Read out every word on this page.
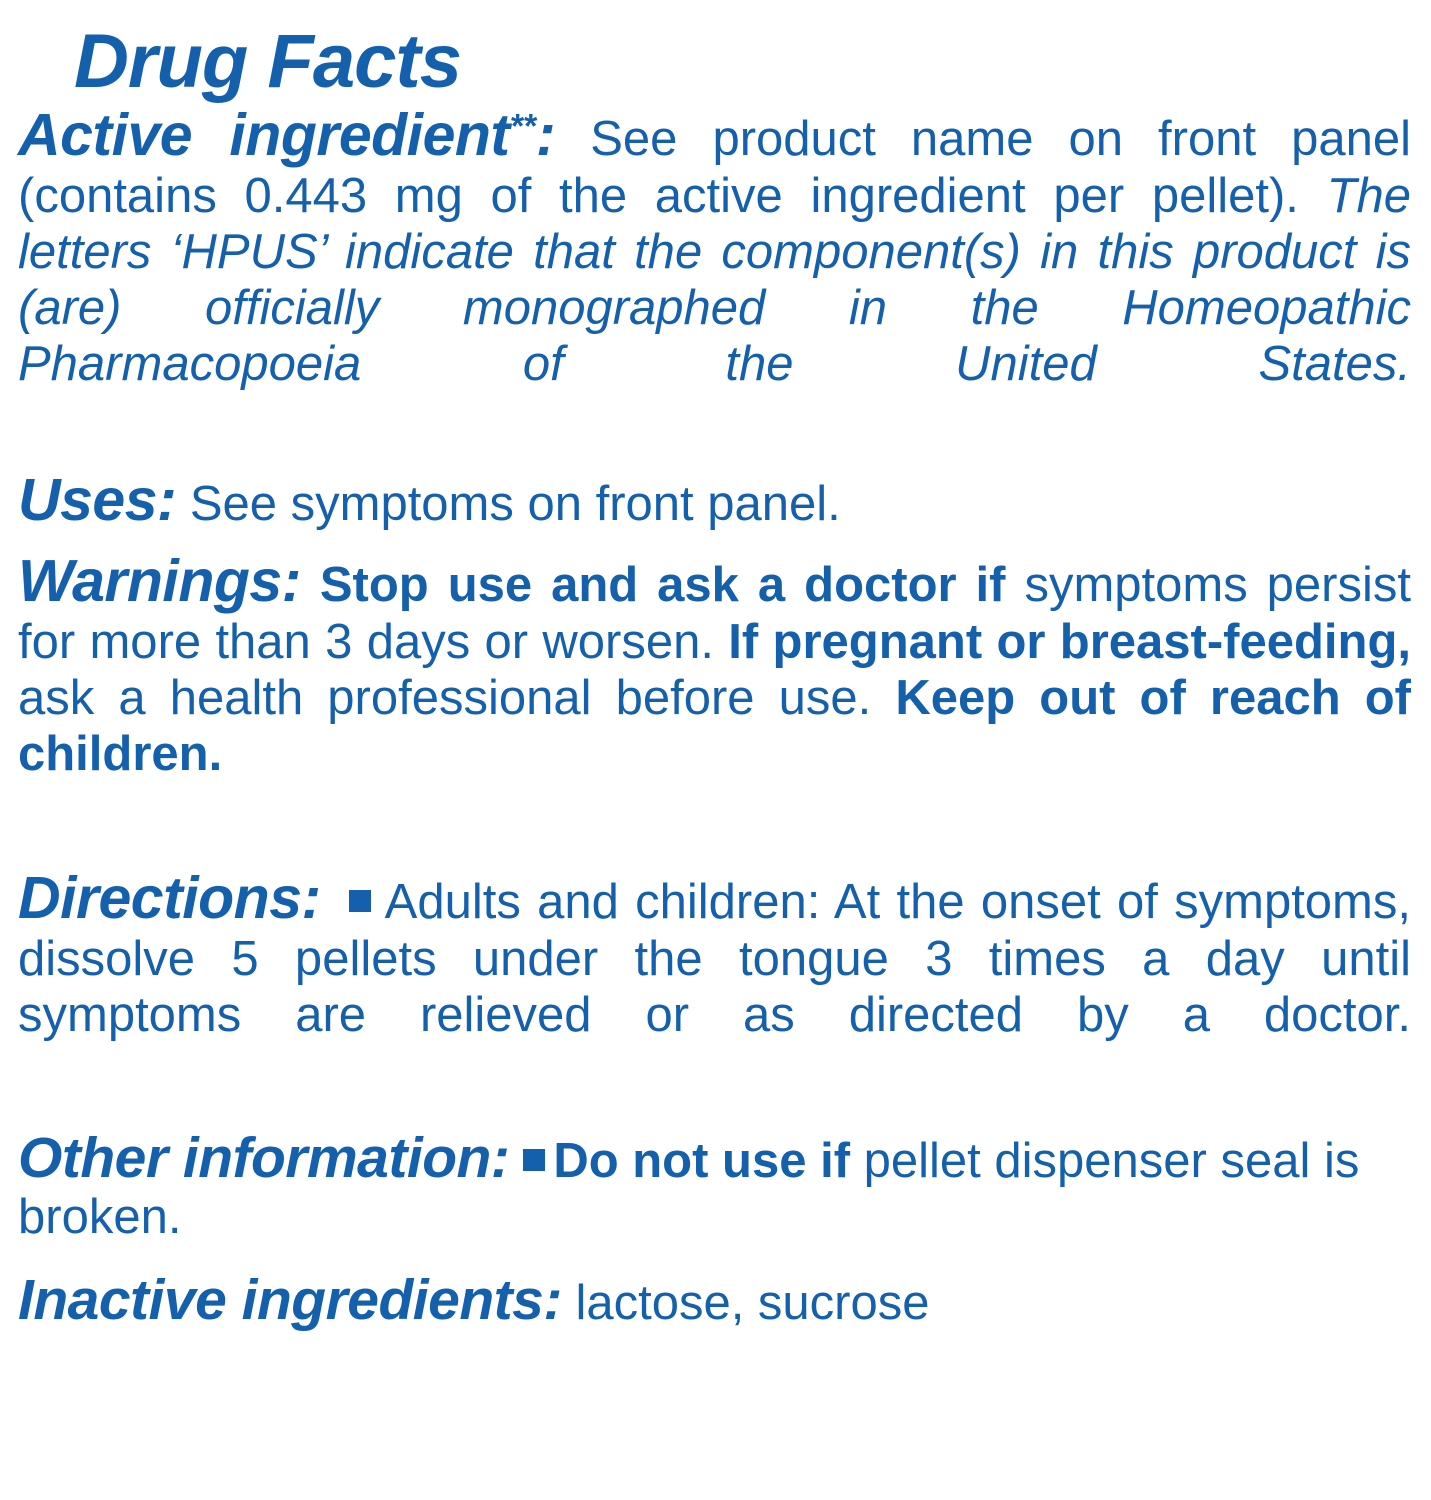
Drug Facts
Active ingredient**: See product name on front panel (contains 0.443 mg of the active ingredient per pellet). The letters ‘HPUS’ indicate that the component(s) in this product is (are) officially monographed in the Homeopathic Pharmacopoeia of the United States.
Uses: See symptoms on front panel.
Warnings: Stop use and ask a doctor if symptoms persist for more than 3 days or worsen. If pregnant or breast-feeding, ask a health professional before use. Keep out of reach of children.
Directions: Adults and children: At the onset of symptoms, dissolve 5 pellets under the tongue 3 times a day until symptoms are relieved or as directed by a doctor.
Other information: Do not use if pellet dispenser seal is broken.
Inactive ingredients: lactose, sucrose
